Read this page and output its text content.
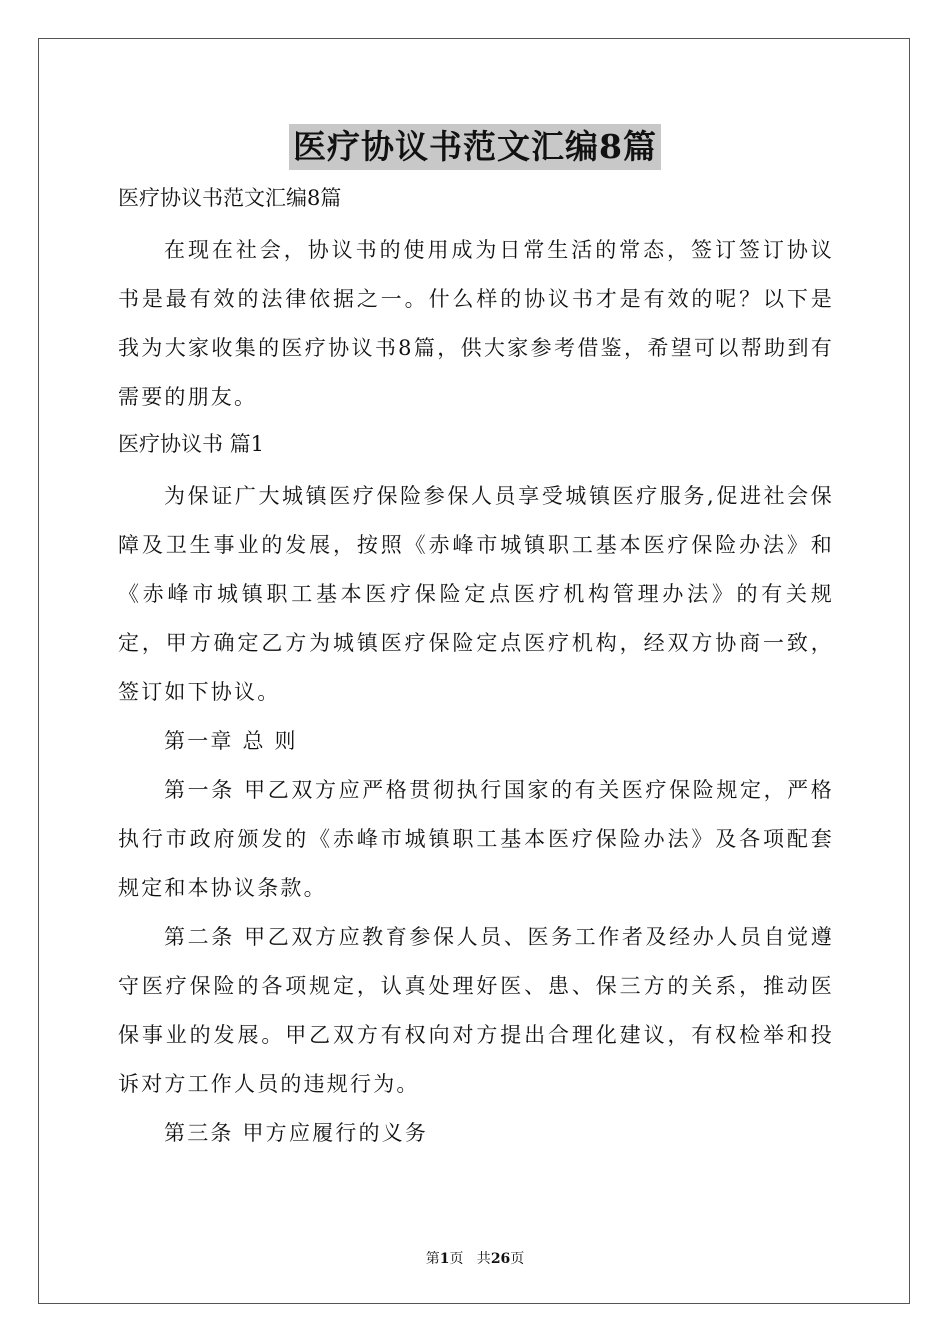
医疗协议书范文汇编8篇
医疗协议书范文汇编8篇

在现在社会，协议书的使用成为日常生活的常态，签订签订协议书是最有效的法律依据之一。什么样的协议书才是有效的呢？以下是我为大家收集的医疗协议书8篇，供大家参考借鉴，希望可以帮助到有需要的朋友。

医疗协议书 篇1

为保证广大城镇医疗保险参保人员享受城镇医疗服务,促进社会保障及卫生事业的发展，按照《赤峰市城镇职工基本医疗保险办法》和《赤峰市城镇职工基本医疗保险定点医疗机构管理办法》的有关规定，甲方确定乙方为城镇医疗保险定点医疗机构，经双方协商一致，签订如下协议。

第一章 总 则

第一条 甲乙双方应严格贯彻执行国家的有关医疗保险规定，严格执行市政府颁发的《赤峰市城镇职工基本医疗保险办法》及各项配套规定和本协议条款。

第二条 甲乙双方应教育参保人员、医务工作者及经办人员自觉遵守医疗保险的各项规定，认真处理好医、患、保三方的关系，推动医保事业的发展。甲乙双方有权向对方提出合理化建议，有权检举和投诉对方工作人员的违规行为。

第三条 甲方应履行的义务

第1页   共26页
